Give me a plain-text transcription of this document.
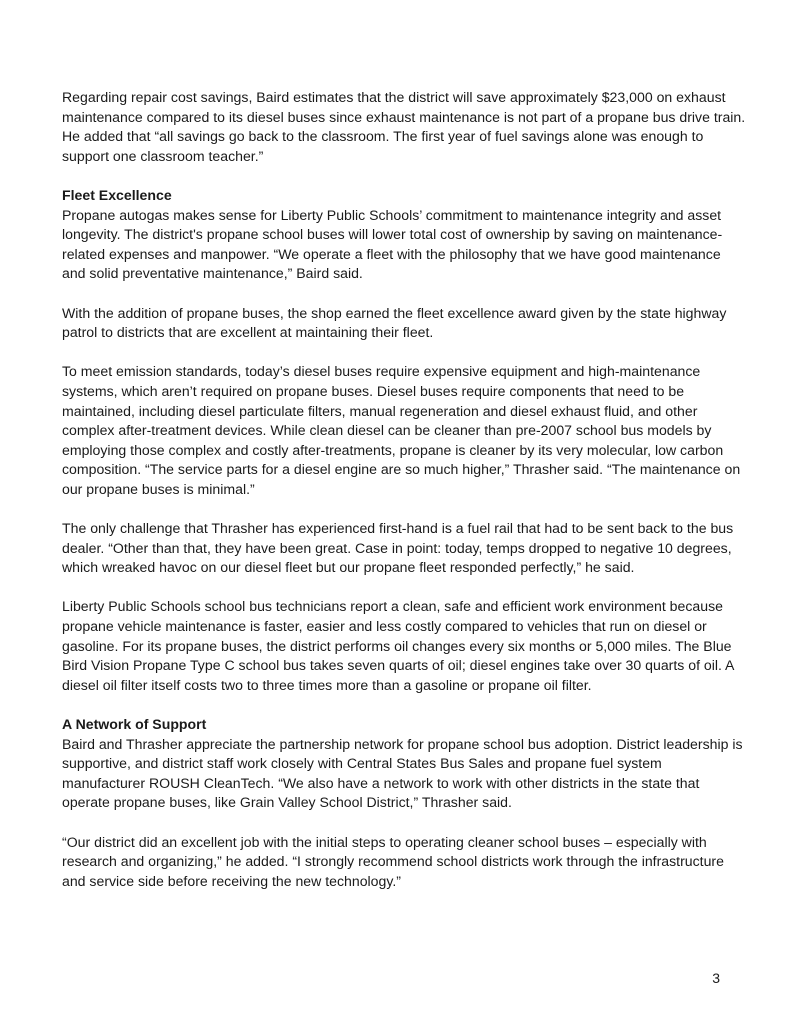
Regarding repair cost savings, Baird estimates that the district will save approximately $23,000 on exhaust maintenance compared to its diesel buses since exhaust maintenance is not part of a propane bus drive train. He added that “all savings go back to the classroom. The first year of fuel savings alone was enough to support one classroom teacher.”

Fleet Excellence

Propane autogas makes sense for Liberty Public Schools’ commitment to maintenance integrity and asset longevity. The district's propane school buses will lower total cost of ownership by saving on maintenance-related expenses and manpower. “We operate a fleet with the philosophy that we have good maintenance and solid preventative maintenance,” Baird said.

With the addition of propane buses, the shop earned the fleet excellence award given by the state highway patrol to districts that are excellent at maintaining their fleet.

To meet emission standards, today’s diesel buses require expensive equipment and high-maintenance systems, which aren’t required on propane buses. Diesel buses require components that need to be maintained, including diesel particulate filters, manual regeneration and diesel exhaust fluid, and other complex after-treatment devices. While clean diesel can be cleaner than pre-2007 school bus models by employing those complex and costly after-treatments, propane is cleaner by its very molecular, low carbon composition. “The service parts for a diesel engine are so much higher,” Thrasher said. “The maintenance on our propane buses is minimal.”

The only challenge that Thrasher has experienced first-hand is a fuel rail that had to be sent back to the bus dealer. “Other than that, they have been great. Case in point: today, temps dropped to negative 10 degrees, which wreaked havoc on our diesel fleet but our propane fleet responded perfectly,” he said.

Liberty Public Schools school bus technicians report a clean, safe and efficient work environment because propane vehicle maintenance is faster, easier and less costly compared to vehicles that run on diesel or gasoline. For its propane buses, the district performs oil changes every six months or 5,000 miles. The Blue Bird Vision Propane Type C school bus takes seven quarts of oil; diesel engines take over 30 quarts of oil. A diesel oil filter itself costs two to three times more than a gasoline or propane oil filter.

A Network of Support

Baird and Thrasher appreciate the partnership network for propane school bus adoption. District leadership is supportive, and district staff work closely with Central States Bus Sales and propane fuel system manufacturer ROUSH CleanTech. “We also have a network to work with other districts in the state that operate propane buses, like Grain Valley School District,” Thrasher said.

“Our district did an excellent job with the initial steps to operating cleaner school buses – especially with research and organizing,” he added. “I strongly recommend school districts work through the infrastructure and service side before receiving the new technology.”

3
